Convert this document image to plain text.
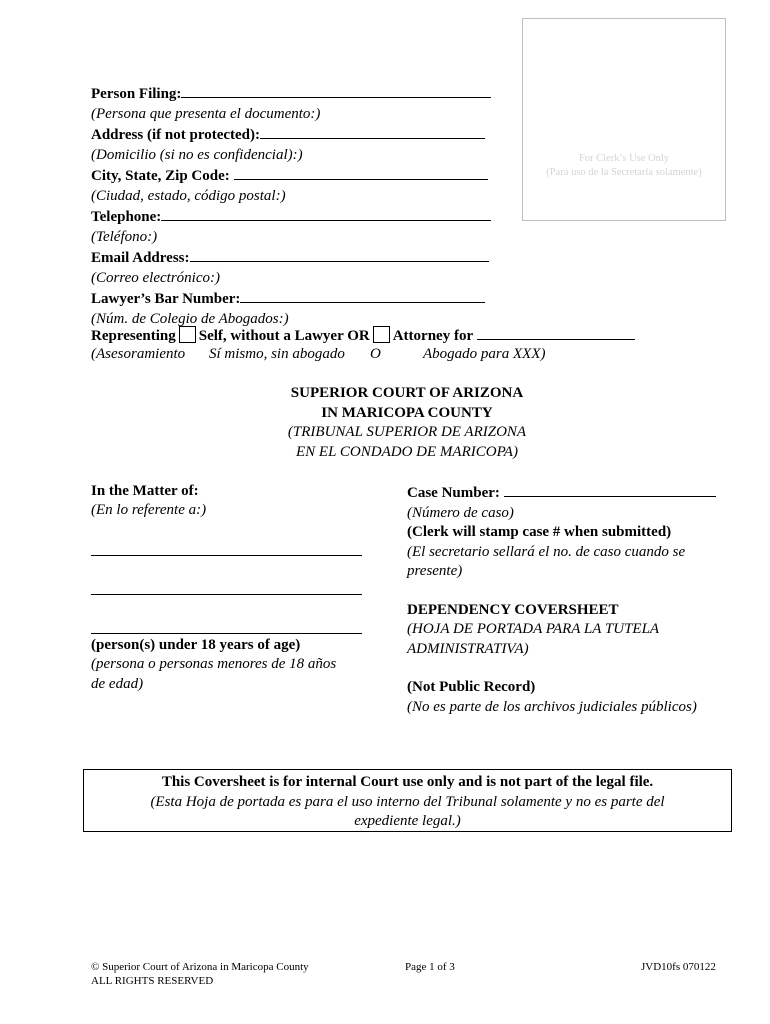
For Clerk’s Use Only
(Para uso de la Secretaría solamente)
Person Filing:
(Persona que presenta el documento:)
Address (if not protected):
(Domicilio (si no es confidencial):)
City, State, Zip Code:
(Ciudad, estado, código postal:)
Telephone:
(Teléfono:)
Email Address:
(Correo electrónico:)
Lawyer’s Bar Number:
(Núm. de Colegio de Abogados:)
Representing Self, without a Lawyer OR Attorney for
(Asesoramiento Sí mismo, sin abogado O	Abogado para XXX)
SUPERIOR COURT OF ARIZONA
IN MARICOPA COUNTY
(TRIBUNAL SUPERIOR DE ARIZONA
EN EL CONDADO DE MARICOPA)
In the Matter of:
(En lo referente a:)
(person(s) under 18 years of age)
(persona o personas menores de 18 años
de edad)
Case Number:
(Número de caso)
(Clerk will stamp case # when submitted)
(El secretario sellará el no. de caso cuando se
presente)
DEPENDENCY COVERSHEET
(HOJA DE PORTADA PARA LA TUTELA
ADMINISTRATIVA)
(Not Public Record)
(No es parte de los archivos judiciales públicos)
This Coversheet is for internal Court use only and is not part of the legal file.
(Esta Hoja de portada es para el uso interno del Tribunal solamente y no es parte del
expediente legal.)
© Superior Court of Arizona in Maricopa County
ALL RIGHTS RESERVED
Page 1 of 3	JVD10fs 070122
